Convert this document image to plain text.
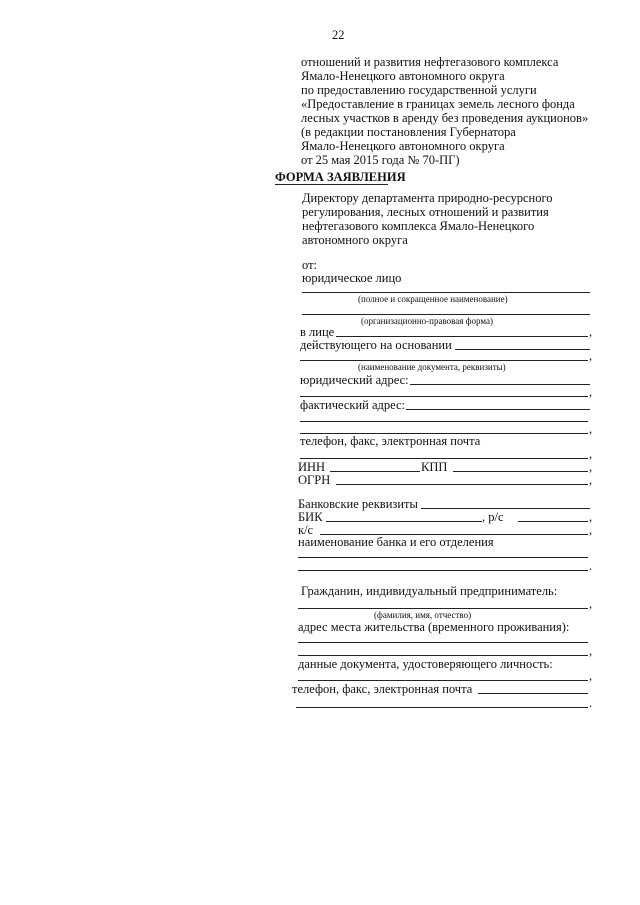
22
отношений и развития нефтегазового комплекса
Ямало-Ненецкого автономного округа
по предоставлению государственной услуги
«Предоставление в границах земель лесного фонда
лесных участков в аренду без проведения аукционов»
(в редакции постановления Губернатора
Ямало-Ненецкого автономного округа
от 25 мая 2015 года № 70-ПГ)
ФОРМА ЗАЯВЛЕНИЯ
Директору департамента природно-ресурсного
регулирования, лесных отношений и развития
нефтегазового комплекса Ямало-Ненецкого
автономного округа
от:
юридическое лицо
(полное и сокращенное наименование)
(организационно-правовая форма)
в лице	,
действующего на основании
,
(наименование документа, реквизиты)
юридический адрес:
,
фактический адрес:
,
телефон, факс, электронная почта
,
ИНН	КПП	,
ОГРН	,
Банковские реквизиты
БИК	, р/с	,
к/с	,
наименование банка и его отделения
.
Гражданин, индивидуальный предприниматель:
,
(фамилия, имя, отчество)
адрес места жительства (временного проживания):
,
данные документа, удостоверяющего личность:
,
телефон, факс, электронная почта
.
